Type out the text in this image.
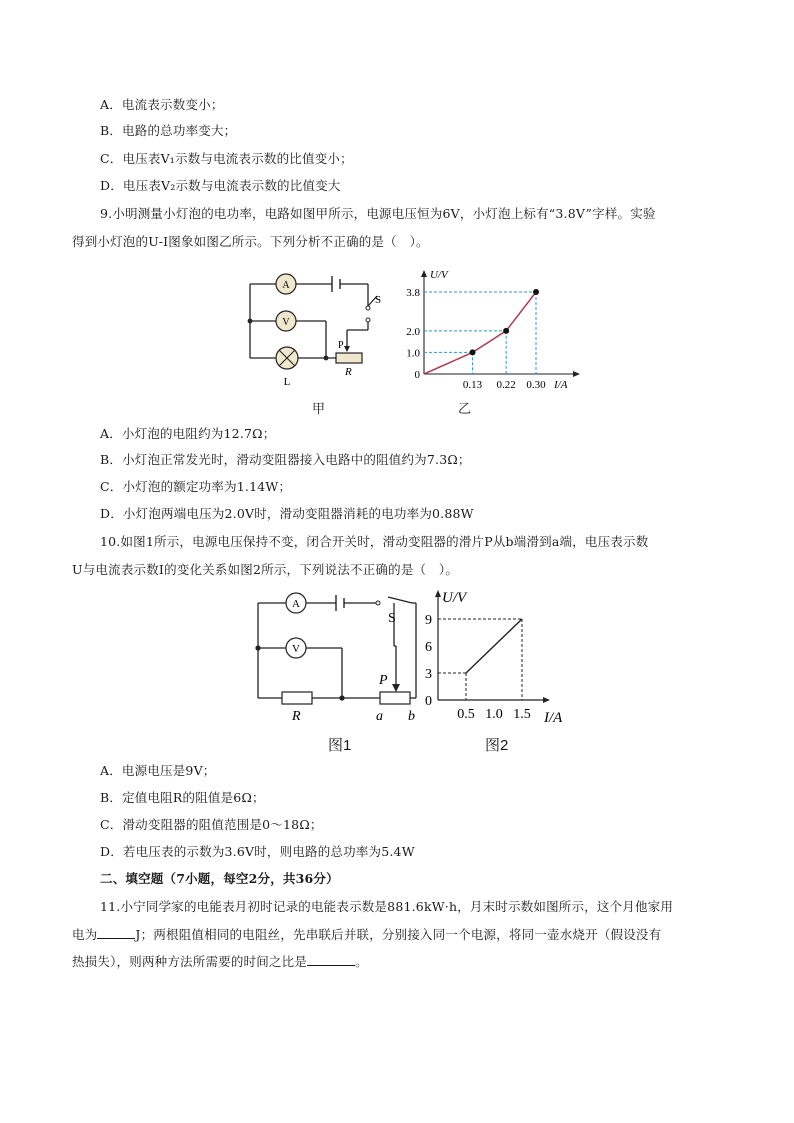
A．电流表示数变小；
B．电路的总功率变大；
C．电压表V₁示数与电流表示数的比值变小；
D．电压表V₂示数与电流表示数的比值变大
9.小明测量小灯泡的电功率，电路如图甲所示，电源电压恒为6V，小灯泡上标有“3.8V”字样。实验
得到小灯泡的U-I图象如图乙所示。下列分析不正确的是（　）。
A
V
L
S
P
R
甲
0.13 0.22 0.30
1.0
2.0
3.8
0
U/V
I/A
乙
A．小灯泡的电阻约为12.7Ω；
B．小灯泡正常发光时，滑动变阻器接入电路中的阻值约为7.3Ω；
C．小灯泡的额定功率为1.14W；
D．小灯泡两端电压为2.0V时，滑动变阻器消耗的电功率为0.88W
10.如图1所示，电源电压保持不变，闭合开关时，滑动变阻器的滑片P从b端滑到a端，电压表示数
U与电流表示数I的变化关系如图2所示，下列说法不正确的是（　）。
A
V
S
P
R	a b
图1
0.5 1.0 1.5
3
6
9
0
U/V
I/A
图2
A．电源电压是9V；
B．定值电阻R的阻值是6Ω；
C．滑动变阻器的阻值范围是0～18Ω；
D．若电压表的示数为3.6V时，则电路的总功率为5.4W
二、填空题（7小题，每空2分，共36分）
11.小宁同学家的电能表月初时记录的电能表示数是881.6kW·h，月末时示数如图所示，这个月他家用
电为	J；两根阻值相同的电阻丝，先串联后并联，分别接入同一个电源，将同一壶水烧开（假设没有
热损失），则两种方法所需要的时间之比是	。
